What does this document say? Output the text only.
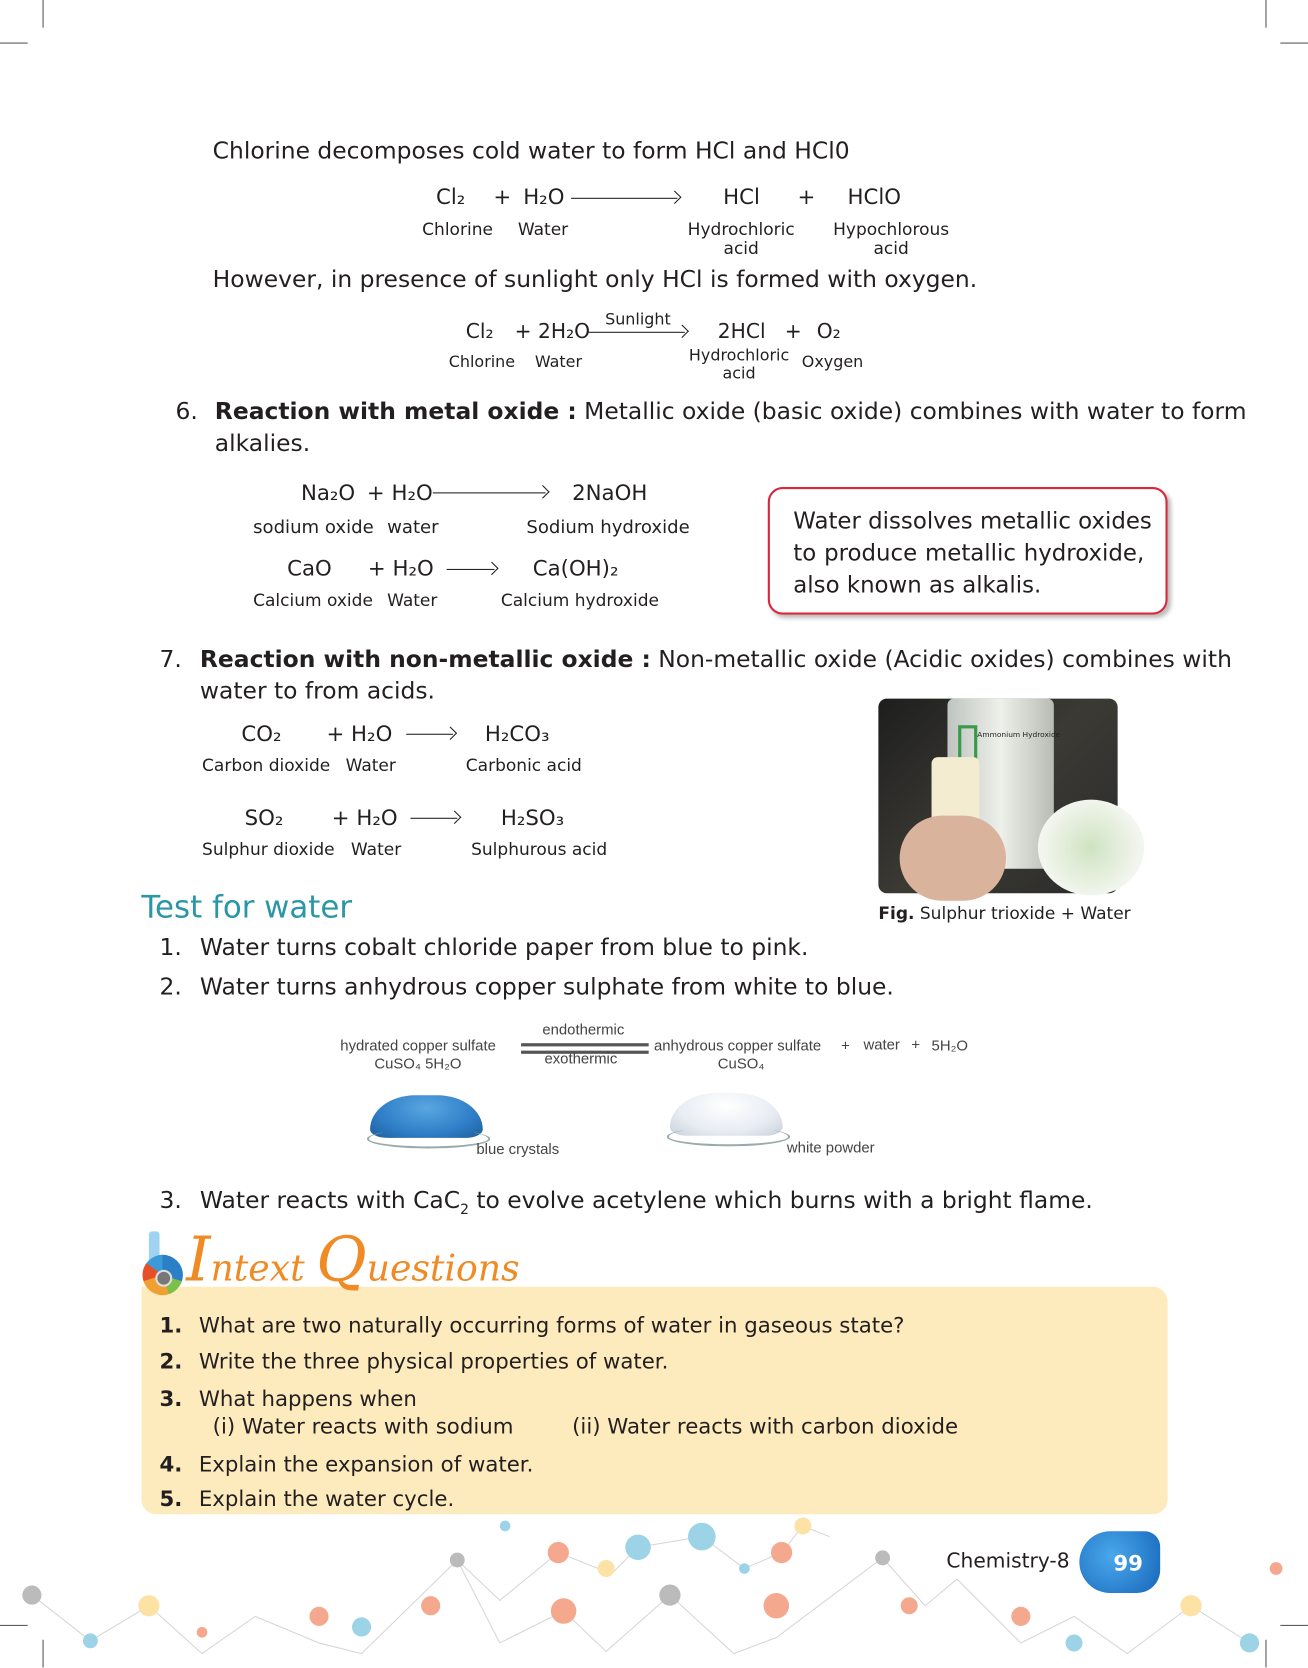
Chlorine decomposes cold water to form HCl and HCl0
Cl₂ + H₂O	HCl + HClO
Chlorine Water	Hydrochloric
acid
Hypochlorous
acid
However, in presence of sunlight only HCl is formed with oxygen.
Cl₂ + 2H₂O
Sunlight
2HCl + O₂
Chlorine Water	Hydrochloric
acid
Oxygen
6. Reaction with metal oxide : Metallic oxide (basic oxide) combines with water to form
alkalies.
Na₂O + H₂O	2NaOH
sodium oxide water	Sodium hydroxide
CaO + H₂O	Ca(OH)₂
Calcium oxide Water	Calcium hydroxide

Water dissolves metallic oxides

to produce metallic hydroxide,

also known as alkalis.

7. Reaction with non-metallic oxide : Non-metallic oxide (Acidic oxides) combines with
water to from acids.
CO₂ + H₂O	H₂CO₃
Carbon dioxide Water	Carbonic acid
SO₂ + H₂O	H₂SO₃
Sulphur dioxide Water	Sulphurous acid
Ammonium Hydroxide
Fig. Sulphur trioxide + Water
Test for water
1. Water turns cobalt chloride paper from blue to pink.
2. Water turns anhydrous copper sulphate from white to blue.
hydrated copper sulfate
CuSO₄ 5H₂O
endothermic
exothermic
anhydrous copper sulfate
CuSO₄
+ water + 5H₂O
blue crystals	white powder
3. Water reacts with CaC$_2$ to evolve acetylene which burns with a bright flame.
Intext Questions
1. What are two naturally occurring forms of water in gaseous state?
2. Write the three physical properties of water.
3. What happens when
(i) Water reacts with sodium	(ii) Water reacts with carbon dioxide
4. Explain the expansion of water.
5. Explain the water cycle.
Chemistry-8 99
